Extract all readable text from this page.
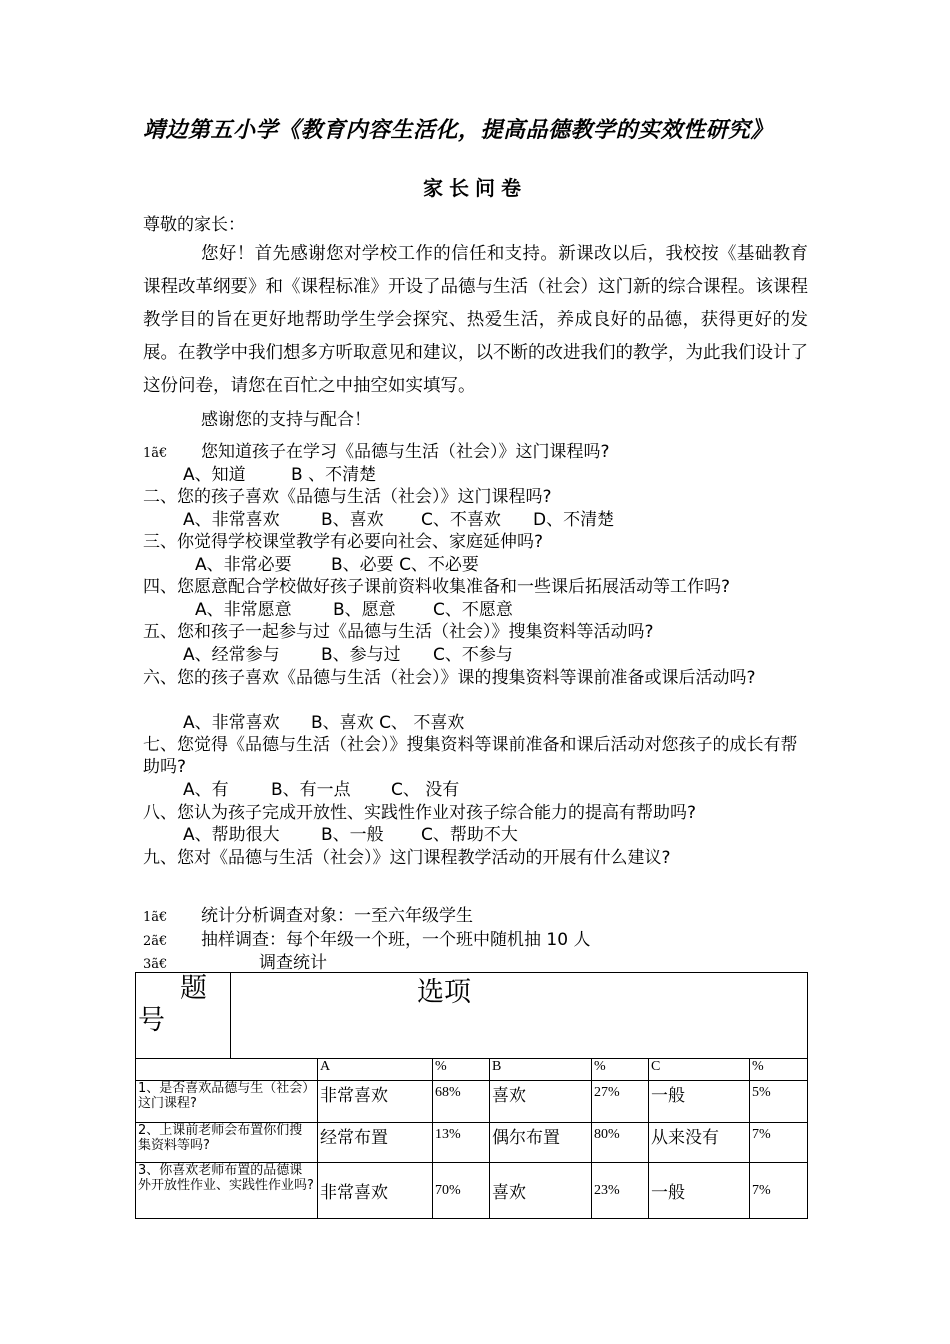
靖边第五小学《教育内容生活化，提高品德教学的实效性研究》
家长问卷
尊敬的家长：
您好！首先感谢您对学校工作的信任和支持。新课改以后，我校按《基础教育课程改革纲要》和《课程标准》开设了品德与生活（社会）这门新的综合课程。该课程教学目的旨在更好地帮助学生学会探究、热爱生活，养成良好的品德，获得更好的发展。在教学中我们想多方听取意见和建议，以不断的改进我们的教学，为此我们设计了这份问卷，请您在百忙之中抽空如实填写。
感谢您的支持与配合！
1ã€ 您知道孩子在学习《品德与生活（社会）》这门课程吗?
A、知道	B 、不清楚
二、您的孩子喜欢《品德与生活（社会）》这门课程吗?
A、非常喜欢 B、喜欢 C、不喜欢 D、不清楚
三、你觉得学校课堂教学有必要向社会、家庭延伸吗?
A、非常必要 B、必要 C、不必要
四、您愿意配合学校做好孩子课前资料收集准备和一些课后拓展活动等工作吗?
A、非常愿意 B、愿意 C、不愿意
五、您和孩子一起参与过《品德与生活（社会）》搜集资料等活动吗?
A、经常参与 B、参与过 C、不参与
六、您的孩子喜欢《品德与生活（社会）》课的搜集资料等课前准备或课后活动吗?
A、非常喜欢 B、喜欢 C、 不喜欢
七、您觉得《品德与生活（社会）》搜集资料等课前准备和课后活动对您孩子的成长有帮助吗?
A、有 B、有一点 C、 没有
八、您认为孩子完成开放性、实践性作业对孩子综合能力的提高有帮助吗?
A、帮助很大 B、一般 C、帮助不大
九、您对《品德与生活（社会）》这门课程教学活动的开展有什么建议?
1ã€ 统计分析调查对象：一至六年级学生
2ã€ 抽样调查：每个年级一个班，一个班中随机抽 10 人
3ã€	调查统计
题
号	选项						
		A	%	B	%	C	%
1、是否喜欢品德与生（社会）这门课程?		非常喜欢	68%	喜欢	27%	一般	5%
2、上课前老师会布置你们搜集资料等吗?		经常布置	13%	偶尔布置	80%	从来没有	7%
3、你喜欢老师布置的品德课外开放性作业、实践性作业吗?		非常喜欢	70%	喜欢	23%	一般	7%
